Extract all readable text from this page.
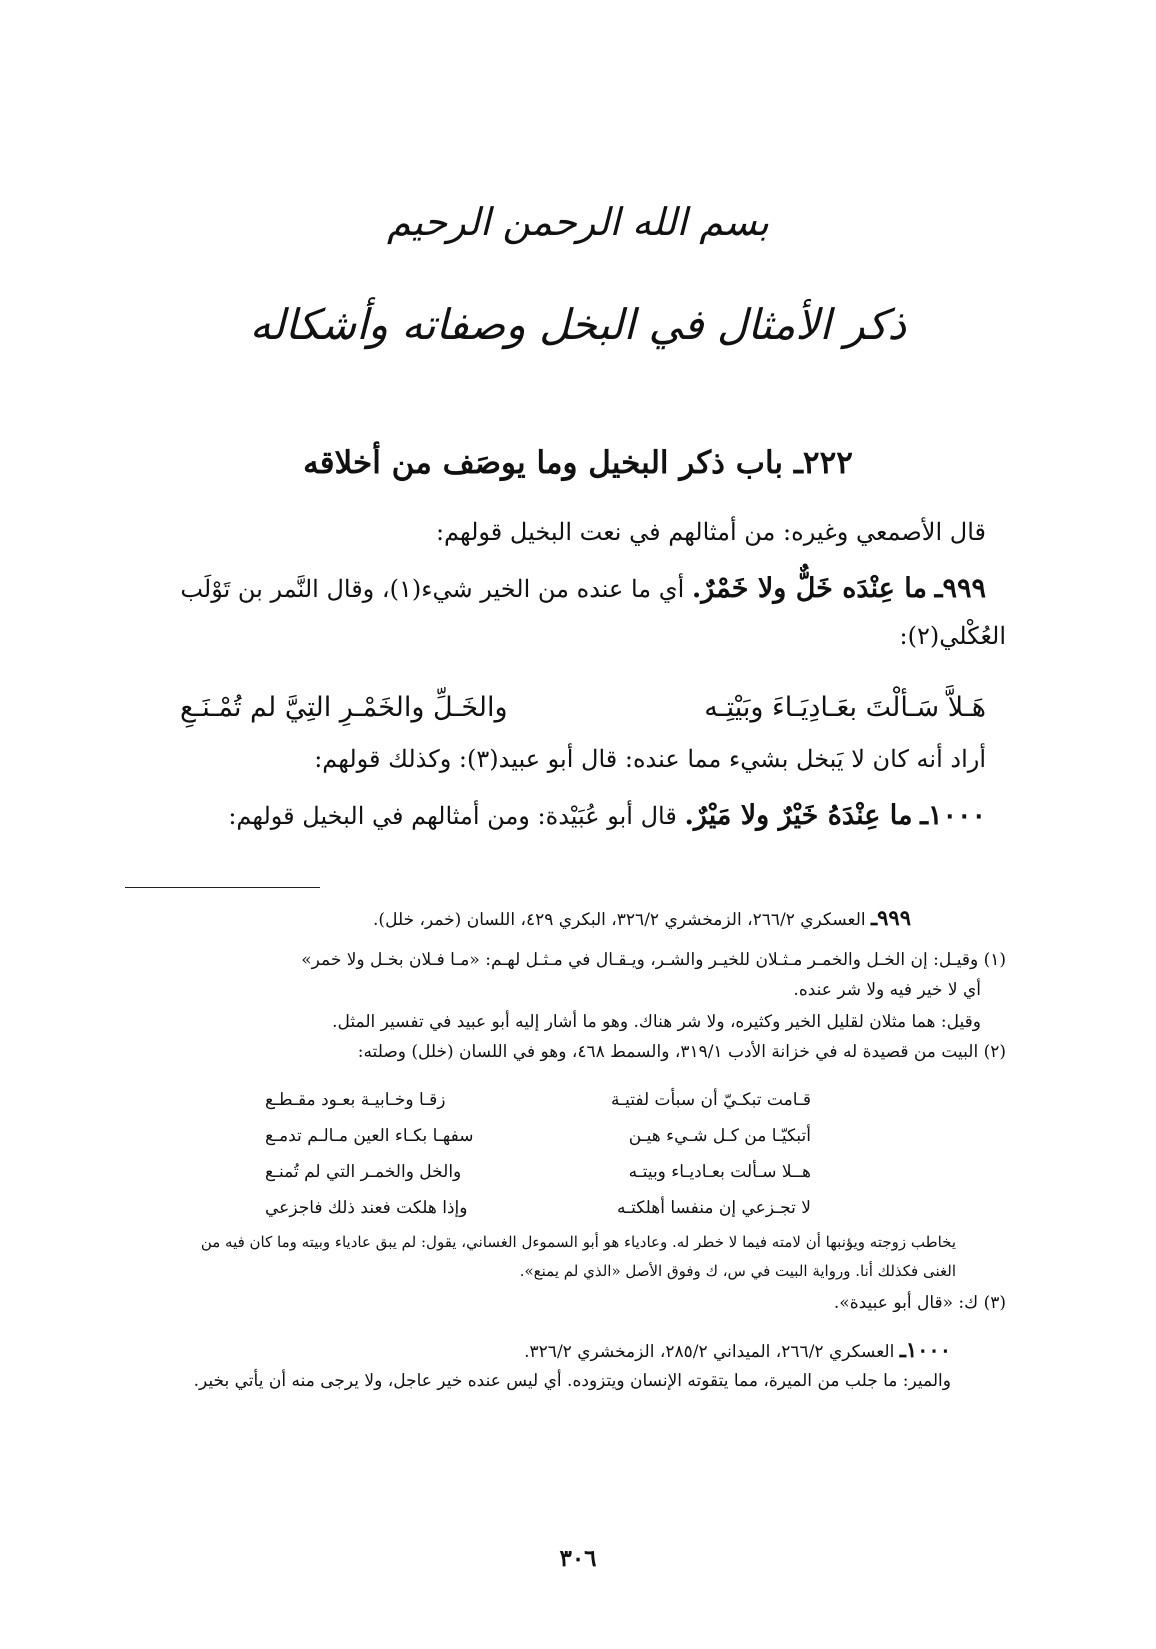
بسم الله الرحمن الرحيم
ذكر الأمثال في البخل وصفاته وأشكاله
٢٢٢ـ باب ذكر البخيل وما يوصَف من أخلاقه
قال الأصمعي وغيره: من أمثالهم في نعت البخيل قولهم:
٩٩٩ـ ما عِنْدَه خَلٌّ ولا خَمْرٌ. أي ما عنده من الخير شيء(١)، وقال النَّمر بن تَوْلَب
العُكْلي(٢):
هَـلاَّ سَـألْتَ بعَـادِيَـاءَ وبَيْتِـه
والخَـلِّ والخَمْـرِ التِيَّ لم تُمْـنَـعِ
أراد أنه كان لا يَبخل بشيء مما عنده: قال أبو عبيد(٣): وكذلك قولهم:
١٠٠٠ـ ما عِنْدَهُ خَيْرٌ ولا مَيْرٌ. قال أبو عُبَيْدة: ومن أمثالهم في البخيل قولهم:
٩٩٩ـ العسكري ٢٦٦/٢، الزمخشري ٣٢٦/٢، البكري ٤٢٩، اللسان (خمر، خلل).
(١) وقيـل: إن الخـل والخمـر مـثـلان للخيـر والشـر، ويـقـال في مـثـل لهـم: «مـا فـلان بخـل ولا خمر»
أي لا خير فيه ولا شر عنده.
وقيل: هما مثلان لقليل الخير وكثيره، ولا شر هناك. وهو ما أشار إليه أبو عبيد في تفسير المثل.
(٢) البيت من قصيدة له في خزانة الأدب ٣١٩/١، والسمط ٤٦٨، وهو في اللسان (خلل) وصلته:
قـامت تبكـيّ أن سبأت لفتيـة
زقـا وخـابيـة بعـود مقـطـع
أتبكيّـا من كـل شـيء هيـن
سفهـا بكـاء العين مـالـم تدمـع
هــلا سـألت بعـاديـاء وبيتـه
والخل والخمـر التي لم تُمنـع
لا تجـزعي إن منفسا أهلكتـه
وإذا هلكت فعند ذلك فاجزعي
يخاطب زوجته ويؤنبها أن لامته فيما لا خطر له. وعادياء هو أبو السموءل الغساني، يقول: لم يبق عادياء وبيته وما كان فيه من
الغنى فكذلك أنا. ورواية البيت في س، ك وفوق الأصل «الذي لم يمنع».
(٣) ك: «قال أبو عبيدة».
١٠٠٠ـ العسكري ٢٦٦/٢، الميداني ٢٨٥/٢، الزمخشري ٣٢٦/٢.
والمير: ما جلب من الميرة، مما يتقوته الإنسان ويتزوده. أي ليس عنده خير عاجل، ولا يرجى منه أن يأتي بخير.
٣٠٦
